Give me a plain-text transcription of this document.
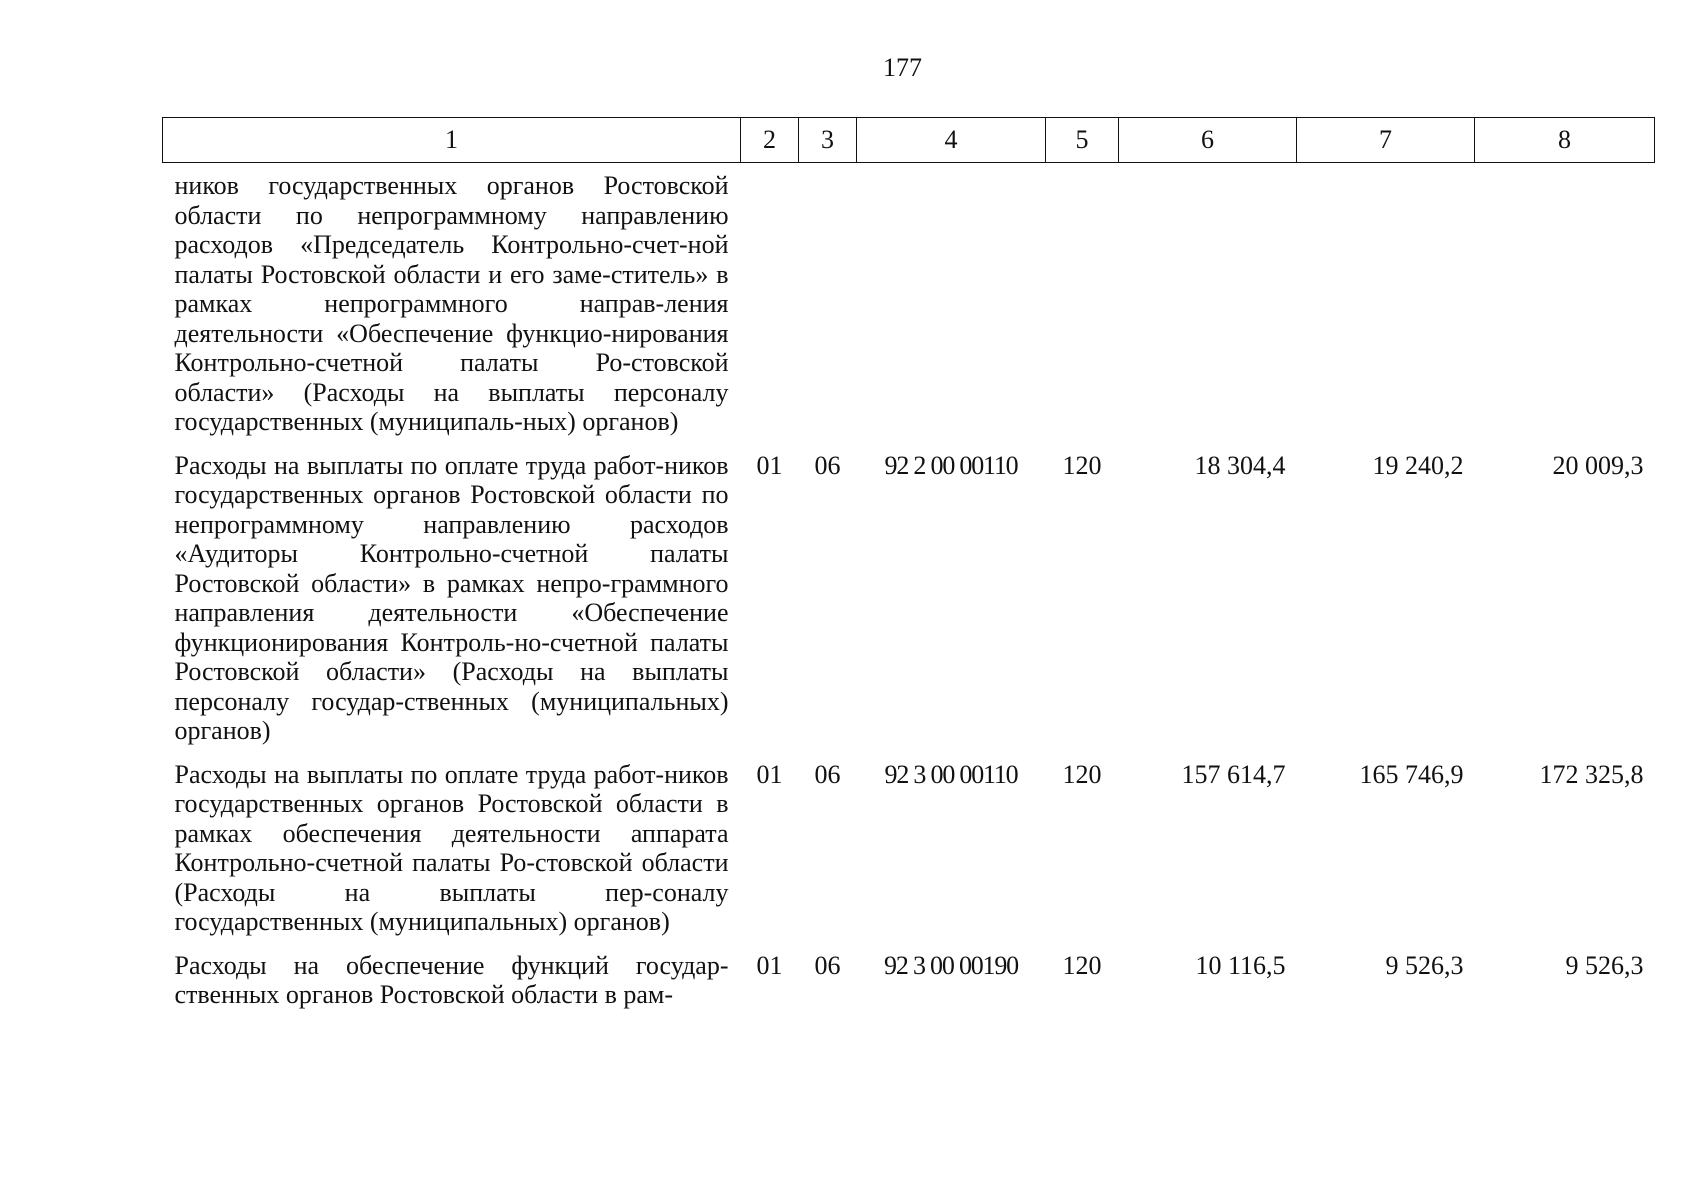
177
1	2	3	4	5	6	7	8
ников государственных органов Ростовской области по непрограммному направлению расходов «Председатель Контрольно-счет-ной палаты Ростовской области и его заме-ститель» в рамках непрограммного направ-ления деятельности «Обеспечение функцио-нирования Контрольно-счетной палаты Ро-стовской области» (Расходы на выплаты персоналу государственных (муниципаль-ных) органов)							
Расходы на выплаты по оплате труда работ-ников государственных органов Ростовской области по непрограммному направлению расходов «Аудиторы Контрольно-счетной палаты Ростовской области» в рамках непро-граммного направления деятельности «Обеспечение функционирования Контроль-но-счетной палаты Ростовской области» (Расходы на выплаты персоналу государ-ственных (муниципальных) органов)	01	06	92 2 00 00110	120	18 304,4	19 240,2	20 009,3
Расходы на выплаты по оплате труда работ-ников государственных органов Ростовской области в рамках обеспечения деятельности аппарата Контрольно-счетной палаты Ро-стовской области (Расходы на выплаты пер-соналу государственных (муниципальных) органов)	01	06	92 3 00 00110	120	157 614,7	165 746,9	172 325,8
Расходы на обеспечение функций государ-ственных органов Ростовской области в рам-	01	06	92 3 00 00190	120	10 116,5	9 526,3	9 526,3
